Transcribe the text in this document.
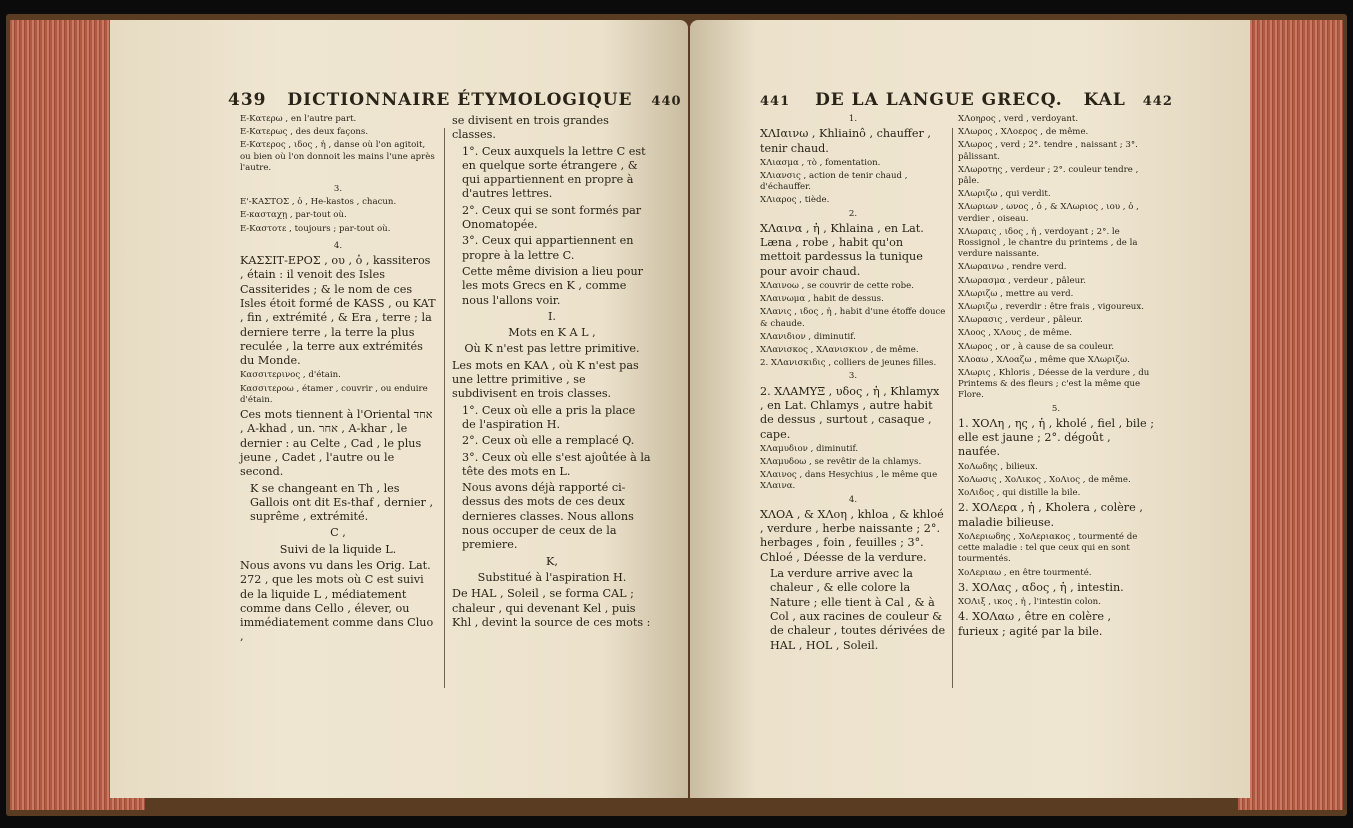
439 DICTIONNAIRE ÉTYMOLOGIQUE 440

Ε-Κατερω , en l'autre part.

Ε-Κατερως , des deux façons.

Ε-Κατερος , ιδος , ἡ , danse où l'on agitoit, ou bien où l'on donnoit les mains l'une après l'autre.

3.

Ε'-ΚΑΣΤΟΣ , ὁ , He-kastos , chacun.

Ε-κασταχῃ , par-tout où.

Ε-Καστοτε , toujours ; par-tout où.

4.

ΚΑΣΣΙΤ-ΕΡΟΣ , ου , ὁ , kassiteros , étain : il venoit des Isles Cassiterides ; & le nom de ces Isles étoit formé de KASS , ou KAT , fin , extrémité , & Era , terre ; la derniere terre , la terre la plus reculée , la terre aux extrémités du Monde.

Κασσιτερινος , d'étain.

Κασσιτεροω , étamer , couvrir , ou enduire d'étain.

Ces mots tiennent à l'Oriental אחד , A-khad , un. אחר , A-khar , le dernier : au Celte , Cad , le plus jeune , Cadet , l'autre ou le second.

K se changeant en Th , les Gallois ont dit Es-thaf , dernier , suprême , extrémité.

C ,

Suivi de la liquide L.

Nous avons vu dans les Orig. Lat. 272 , que les mots où C est suivi de la liquide L , médiatement comme dans Cello , élever, ou immédiatement comme dans Cluo ,

se divisent en trois grandes classes.

1°. Ceux auxquels la lettre C est en quelque sorte étrangere , & qui appartiennent en propre à d'autres lettres.

2°. Ceux qui se sont formés par Onomatopée.

3°. Ceux qui appartiennent en propre à la lettre C.

Cette même division a lieu pour les mots Grecs en K , comme nous l'allons voir.

I.

Mots en K A L ,

Où K n'est pas lettre primitive.

Les mots en ΚΑΛ , où K n'est pas une lettre primitive , se subdivisent en trois classes.

1°. Ceux où elle a pris la place de l'aspiration H.

2°. Ceux où elle a remplacé Q.

3°. Ceux où elle s'est ajoûtée à la tête des mots en L.

Nous avons déjà rapporté ci-dessus des mots de ces deux dernieres classes. Nous allons nous occuper de ceux de la premiere.

K,

Substitué à l'aspiration H.

De HAL , Soleil , se forma CAL ; chaleur , qui devenant Kel , puis Khl , devint la source de ces mots :

441 DE LA LANGUE GRECQ. KAL 442

1.

ΧΛΙαινω , Khliainô , chauffer , tenir chaud.

ΧΛιασμα , τὸ , fomentation.

ΧΛιανσις , action de tenir chaud , d'échauffer.

ΧΛιαρος , tiède.

2.

ΧΛαινα , ἡ , Khlaina , en Lat. Læna , robe , habit qu'on mettoit pardessus la tunique pour avoir chaud.

ΧΛαινοω , se couvrir de cette robe.

ΧΛαινωμα , habit de dessus.

ΧΛανις , ιδος , ἡ , habit d'une étoffe douce & chaude.

ΧΛανιδιον , diminutif.

ΧΛανισκος , ΧΛανισκιον , de même.

2. ΧΛανισκιδις , colliers de jeunes filles.

3.

2. ΧΛΑΜΥΞ , υδος , ἡ , Khlamyx , en Lat. Chlamys , autre habit de dessus , surtout , casaque , cape.

ΧΛαμυδιον , diminutif.

ΧΛαμυδοω , se revêtir de la chlamys.

ΧΛαινος , dans Hesychius , le même que ΧΛαινα.

4.

ΧΛΟΑ , & ΧΛοη , khloa , & khloé , verdure , herbe naissante ; 2°. herbages , foin , feuilles ; 3°. Chloé , Déesse de la verdure.

La verdure arrive avec la chaleur , & elle colore la Nature ; elle tient à Cal , & à Col , aux racines de couleur & de chaleur , toutes dérivées de HAL , HOL , Soleil.

ΧΛοηρος , verd , verdoyant.

ΧΛωρος , ΧΛοερος , de même.

ΧΛωρος , verd ; 2°. tendre , naissant ; 3°. pâlissant.

ΧΛωροτης , verdeur ; 2°. couleur tendre , pâle.

ΧΛωριζω , qui verdit.

ΧΛωριων , ωνος , ὁ , & ΧΛωριος , ιου , ὁ , verdier , oiseau.

ΧΛωραις , ιδος , ἡ , verdoyant ; 2°. le Rossignol , le chantre du printems , de la verdure naissante.

ΧΛωραινω , rendre verd.

ΧΛωρασμα , verdeur , pâleur.

ΧΛωριζω , mettre au verd.

ΧΛωριζω , reverdir : être frais , vigoureux.

ΧΛωρασις , verdeur , pâleur.

ΧΛοος , ΧΛους , de même.

ΧΛωρος , or , à cause de sa couleur.

ΧΛοαω , ΧΛοαζω , même que ΧΛωριζω.

ΧΛωρις , Khloris , Déesse de la verdure , du Printems & des fleurs ; c'est la même que Flore.

5.

1. ΧΟΛη , ης , ἡ , kholé , fiel , bile ; elle est jaune ; 2°. dégoût , naufée.

ΧοΛωδης , bilieux.

ΧοΛωσις , ΧοΛικος , ΧοΛιος , de même.

ΧοΛιδος , qui distille la bile.

2. ΧΟΛερα , ἡ , Kholera , colère , maladie bilieuse.

ΧοΛεριωδης , ΧοΛεριακος , tourmenté de cette maladie : tel que ceux qui en sont tourmentés.

ΧοΛεριαω , en être tourmenté.

3. ΧΟΛας , αδος , ἡ , intestin.

ΧΟΛιξ , ικος , ἡ , l'intestin colon.

4. ΧΟΛαω , être en colère , furieux ; agité par la bile.
